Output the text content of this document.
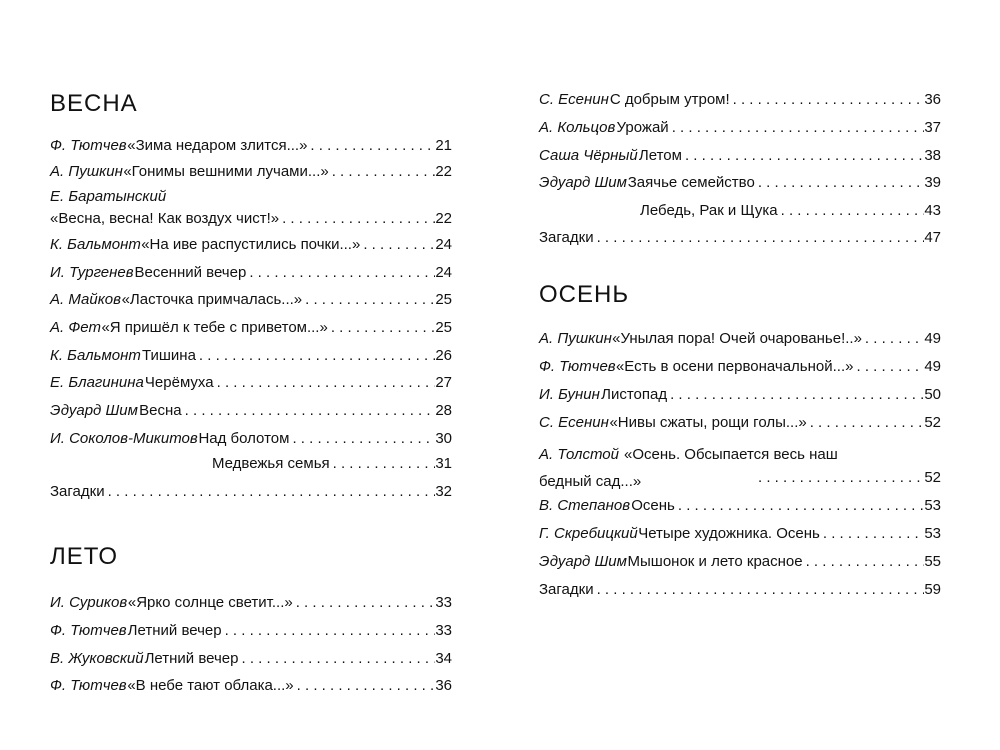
ВЕСНА
Ф. Тютчев «Зима недаром злится...» . . .	21
А. Пушкин «Гонимы вешними лучами...» . . .	22
Е. Баратынский
«Весна, весна! Как воздух чист!» . . .	22
К. Бальмонт «На иве распустились почки...» . . .	24
И. Тургенев Весенний вечер . . .	24
А. Майков «Ласточка примчалась...» . . .	25
А. Фет «Я пришёл к тебе с приветом...» . . .	25
К. Бальмонт Тишина . . .	26
Е. Благинина Черёмуха . . .	27
Эдуард Шим Весна . . .	28
И. Соколов-Микитов Над болотом . . .	30
Медвежья семья . . .	31
Загадки . . .	32
ЛЕТО
И. Суриков «Ярко солнце светит...» . . .	33
Ф. Тютчев Летний вечер . . .	33
В. Жуковский Летний вечер . . .	34
Ф. Тютчев «В небе тают облака...» . . .	36
С. Есенин С добрым утром! . . .	36
А. Кольцов Урожай . . .	37
Саша Чёрный Летом . . .	38
Эдуард Шим Заячье семейство . . .	39
Лебедь, Рак и Щука . . .	43
Загадки . . .	47
ОСЕНЬ
А. Пушкин «Унылая пора! Очей очарованье!..» . . .	49
Ф. Тютчев «Есть в осени первоначальной...» . . .	49
И. Бунин Листопад . . .	50
С. Есенин «Нивы сжаты, рощи голы...» . . .	52
А. Толстой «Осень. Обсыпается весь наш бедный сад...» . . .	52
В. Степанов Осень . . .	53
Г. Скребицкий Четыре художника. Осень . . .	53
Эдуард Шим Мышонок и лето красное . . .	55
Загадки . . .	59
